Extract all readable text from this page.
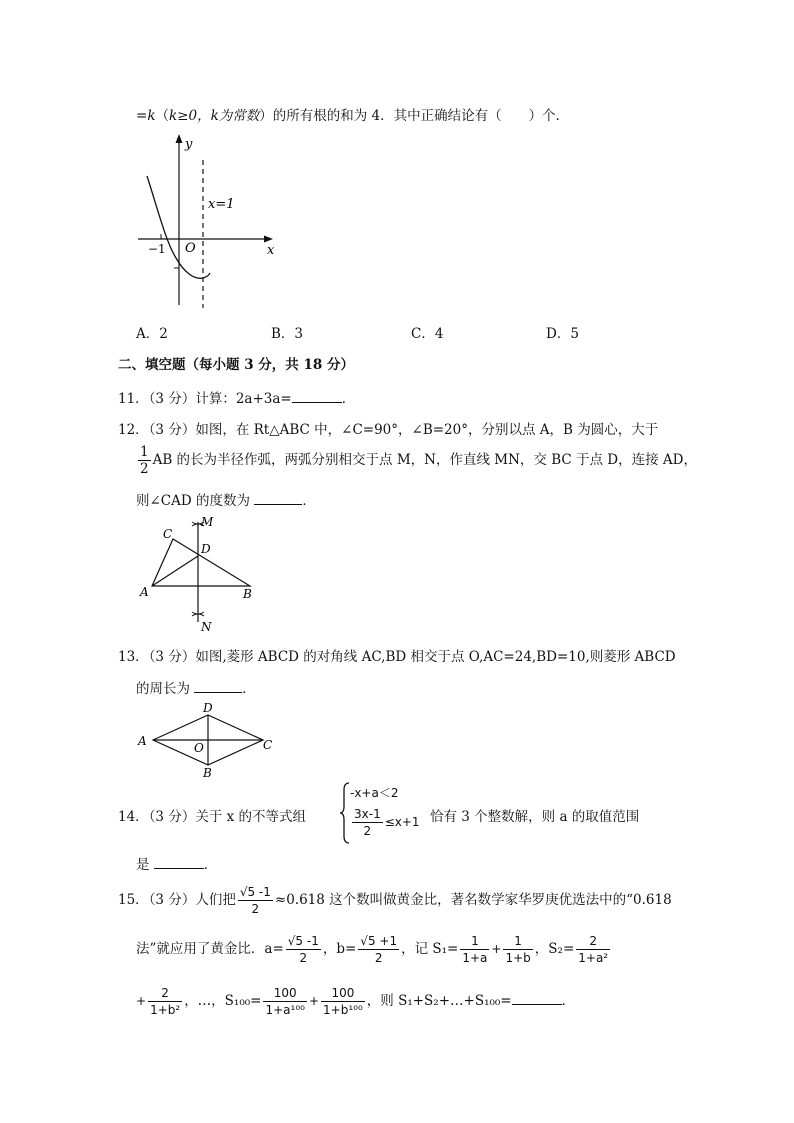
=k（k≥0，k为常数）的所有根的和为 4．其中正确结论有（　　）个．
y
x
O
−1
x=1
A．2	B．3	C．4	D．5
二、填空题（每小题 3 分，共 18 分）
11．（3 分）计算：2a+3a=	．
12．（3 分）如图，在 Rt△ABC 中，∠C=90°，∠B=20°，分别以点 A，B 为圆心，大于
$\frac{1}{2}$ AB 的长为半径作弧，两弧分别相交于点 M，N，作直线 MN，交 BC 于点 D，连接 AD，
则∠CAD 的度数为	．
C
M
D
A	B
N
13．（3 分）如图,菱形 ABCD 的对角线 AC,BD 相交于点 O,AC=24,BD=10,则菱形 ABCD
的周长为	．
D
A	O	C
B
14．（3 分）关于 x 的不等式组
-x+a＜2
$\frac{3x-1}{2} \le x+1$ 恰有 3 个整数解，则 a 的取值范围
是	．
15．（3 分）人们把 $\frac{√5 -1}{2} \approx 0.618$ 这个数叫做黄金比，著名数学家华罗庚优选法中的“0.618
法”就应用了黄金比．$a= \frac{√5 -1}{2}$ ，$b= \frac{√5 +1}{2}$ ，记 $S_1= \frac{1}{1+a} + \frac{1}{1+b}$ ，$S_2= \frac{2}{\text{1+a²}}$
+ $\frac{2}{\text{1+b²}}$ ，…，$S_{100}= \frac{100}{\text{1+a¹⁰⁰}} + \frac{100}{\text{1+b¹⁰⁰}}$ ，则 S₁+S₂+…+S₁₀₀=	．
